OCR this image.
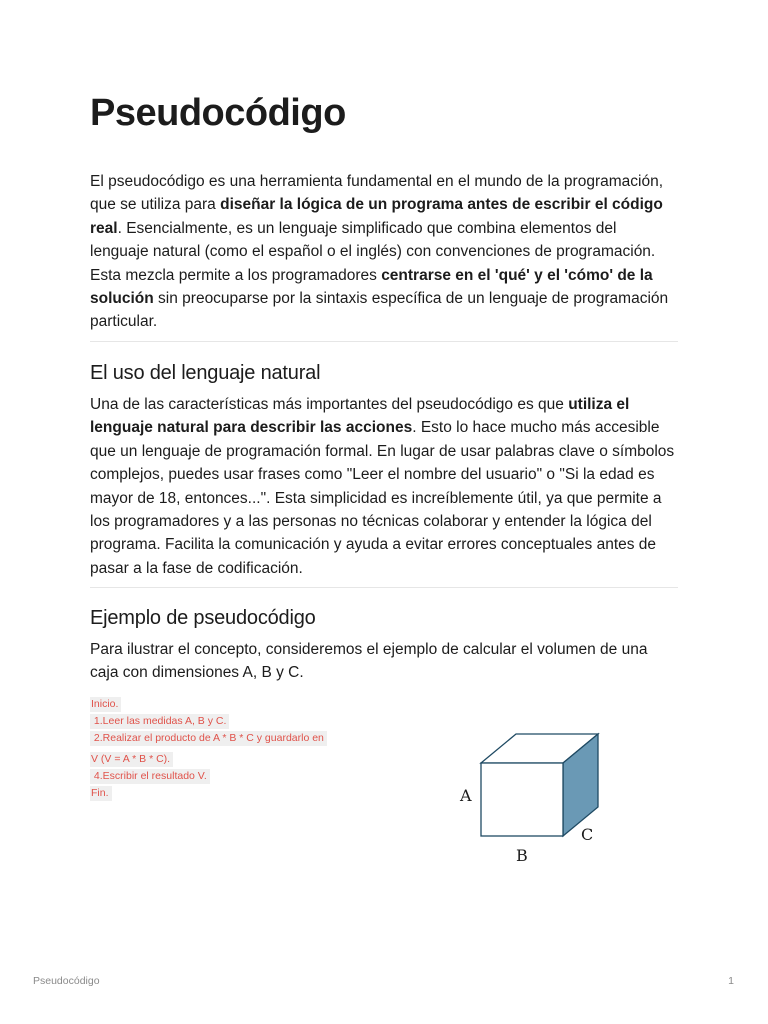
Pseudocódigo

El pseudocódigo es una herramienta fundamental en el mundo de la programación, que se utiliza para diseñar la lógica de un programa antes de escribir el código real. Esencialmente, es un lenguaje simplificado que combina elementos del lenguaje natural (como el español o el inglés) con convenciones de programación. Esta mezcla permite a los programadores centrarse en el 'qué' y el 'cómo' de la solución sin preocuparse por la sintaxis específica de un lenguaje de programación particular.

El uso del lenguaje natural

Una de las características más importantes del pseudocódigo es que utiliza el lenguaje natural para describir las acciones. Esto lo hace mucho más accesible que un lenguaje de programación formal. En lugar de usar palabras clave o símbolos complejos, puedes usar frases como "Leer el nombre del usuario" o "Si la edad es mayor de 18, entonces...". Esta simplicidad es increíblemente útil, ya que permite a los programadores y a las personas no técnicas colaborar y entender la lógica del programa. Facilita la comunicación y ayuda a evitar errores conceptuales antes de pasar a la fase de codificación.

Ejemplo de pseudocódigo

Para ilustrar el concepto, consideremos el ejemplo de calcular el volumen de una caja con dimensiones A, B y C.

Inicio.
1.Leer las medidas A, B y C.
2.Realizar el producto de A * B * C y guardarlo en
V (V = A * B * C).
4.Escribir el resultado V.
Fin.	A
B
C
Pseudocódigo	1
